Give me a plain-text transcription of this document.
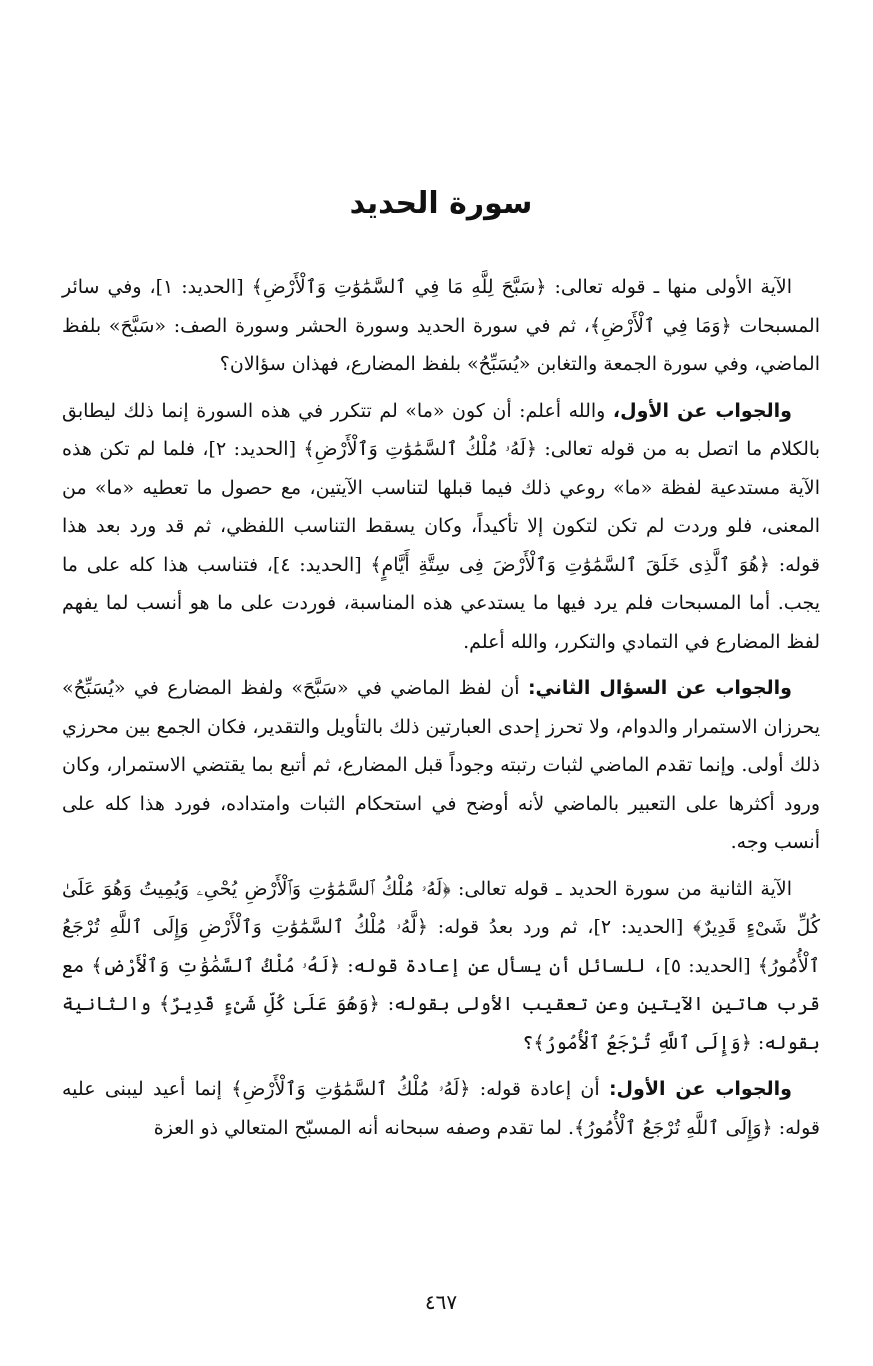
سورة الحديد

الآية الأولى منها ـ قوله تعالى: ﴿سَبَّحَ لِلَّهِ مَا فِي ٱلسَّمَٰوَٰتِ وَٱلْأَرْضِ﴾ [الحديد: ١]، وفي سائر المسبحات ﴿وَمَا فِي ٱلْأَرْضِ﴾، ثم في سورة الحديد وسورة الحشر وسورة الصف: «سَبَّحَ» بلفظ الماضي، وفي سورة الجمعة والتغابن «يُسَبِّحُ» بلفظ المضارع، فهذان سؤالان؟

والجواب عن الأول، والله أعلم: أن كون «ما» لم تتكرر في هذه السورة إنما ذلك ليطابق بالكلام ما اتصل به من قوله تعالى: ﴿لَهُۥ مُلْكُ ٱلسَّمَٰوَٰتِ وَٱلْأَرْضِ﴾ [الحديد: ٢]، فلما لم تكن هذه الآية مستدعية لفظة «ما» روعي ذلك فيما قبلها لتناسب الآيتين، مع حصول ما تعطيه «ما» من المعنى، فلو وردت لم تكن لتكون إلا تأكيداً، وكان يسقط التناسب اللفظي، ثم قد ورد بعد هذا قوله: ﴿هُوَ ٱلَّذِى خَلَقَ ٱلسَّمَٰوَٰتِ وَٱلْأَرْضَ فِى سِتَّةِ أَيَّامٍ﴾ [الحديد: ٤]، فتناسب هذا كله على ما يجب. أما المسبحات فلم يرد فيها ما يستدعي هذه المناسبة، فوردت على ما هو أنسب لما يفهم لفظ المضارع في التمادي والتكرر، والله أعلم.

والجواب عن السؤال الثاني: أن لفظ الماضي في «سَبَّحَ» ولفظ المضارع في «يُسَبِّحُ» يحرزان الاستمرار والدوام، ولا تحرز إحدى العبارتين ذلك بالتأويل والتقدير، فكان الجمع بين محرزي ذلك أولى. وإنما تقدم الماضي لثبات رتبته وجوداً قبل المضارع، ثم أتبع بما يقتضي الاستمرار، وكان ورود أكثرها على التعبير بالماضي لأنه أوضح في استحكام الثبات وامتداده، فورد هذا كله على أنسب وجه.

الآية الثانية من سورة الحديد ـ قوله تعالى: ﴿لَهُۥ مُلْكُ ٱلسَّمَٰوَٰتِ وَٱلْأَرْضِ يُحْىِۦ وَيُمِيتُ وَهُوَ عَلَىٰ كُلِّ شَىْءٍ قَدِيرٌ﴾ [الحديد: ٢]، ثم ورد بعدُ قوله: ﴿لَّهُۥ مُلْكُ ٱلسَّمَٰوَٰتِ وَٱلْأَرْضِ وَإِلَى ٱللَّهِ تُرْجَعُ ٱلْأُمُورُ﴾ [الحديد: ٥]، للسائل أن يسأل عن إعادة قوله: ﴿لَهُۥ مُلْكُ ٱلسَّمَٰوَٰتِ وَٱلْأَرْضِ﴾ مع قرب هاتين الآيتين وعن تعقيب الأولى بقوله: ﴿وَهُوَ عَلَىٰ كُلِّ شَىْءٍ قَدِيرٌ﴾ والثانية بقوله: ﴿وَإِلَى ٱللَّهِ تُرْجَعُ ٱلْأُمُورُ﴾؟

والجواب عن الأول: أن إعادة قوله: ﴿لَهُۥ مُلْكُ ٱلسَّمَٰوَٰتِ وَٱلْأَرْضِ﴾ إنما أعيد ليبنى عليه قوله: ﴿وَإِلَى ٱللَّهِ تُرْجَعُ ٱلْأُمُورُ﴾. لما تقدم وصفه سبحانه أنه المسبّح المتعالي ذو العزة

٤٦٧
